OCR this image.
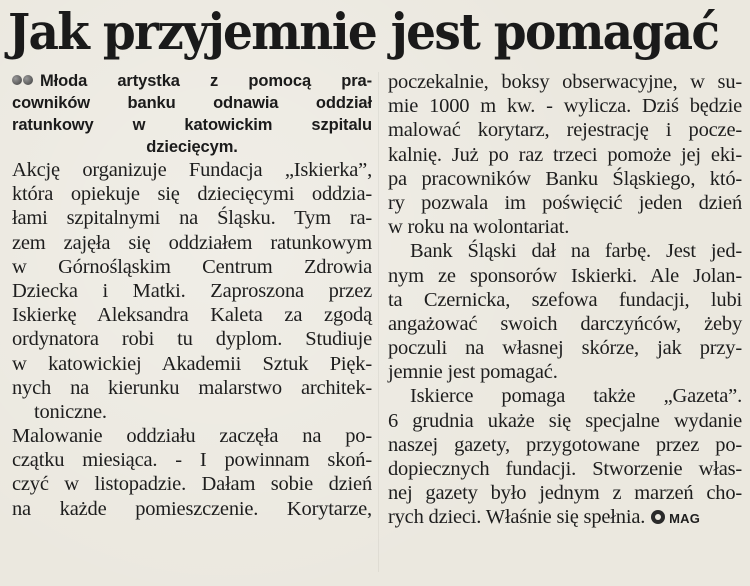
Jak przyjemnie jest pomagać
Młoda artystka z pomocą pra-
cowników banku odnawia oddział
ratunkowy w katowickim szpitalu
dziecięcym.
Akcję organizuje Fundacja „Iskierka”,
która opiekuje się dziecięcymi oddzia-
łami szpitalnymi na Śląsku. Tym ra-
zem zajęła się oddziałem ratunkowym
w Górnośląskim Centrum Zdrowia
Dziecka i Matki. Zaproszona przez
Iskierkę Aleksandra Kaleta za zgodą
ordynatora robi tu dyplom. Studiuje
w katowickiej Akademii Sztuk Pięk-
nych na kierunku malarstwo architek-
toniczne.
Malowanie oddziału zaczęła na po-
czątku miesiąca. - I powinnam skoń-
czyć w listopadzie. Dałam sobie dzień
na każde pomieszczenie. Korytarze,
poczekalnie, boksy obserwacyjne, w su-
mie 1000 m kw. - wylicza. Dziś będzie
malować korytarz, rejestrację i pocze-
kalnię. Już po raz trzeci pomoże jej eki-
pa pracowników Banku Śląskiego, któ-
ry pozwala im poświęcić jeden dzień
w roku na wolontariat.
Bank Śląski dał na farbę. Jest jed-
nym ze sponsorów Iskierki. Ale Jolan-
ta Czernicka, szefowa fundacji, lubi
angażować swoich darczyńców, żeby
poczuli na własnej skórze, jak przy-
jemnie jest pomagać.
Iskierce pomaga także „Gazeta”.
6 grudnia ukaże się specjalne wydanie
naszej gazety, przygotowane przez po-
dopiecznych fundacji. Stworzenie włas-
nej gazety było jednym z marzeń cho-
rych dzieci. Właśnie się spełnia. MAG
